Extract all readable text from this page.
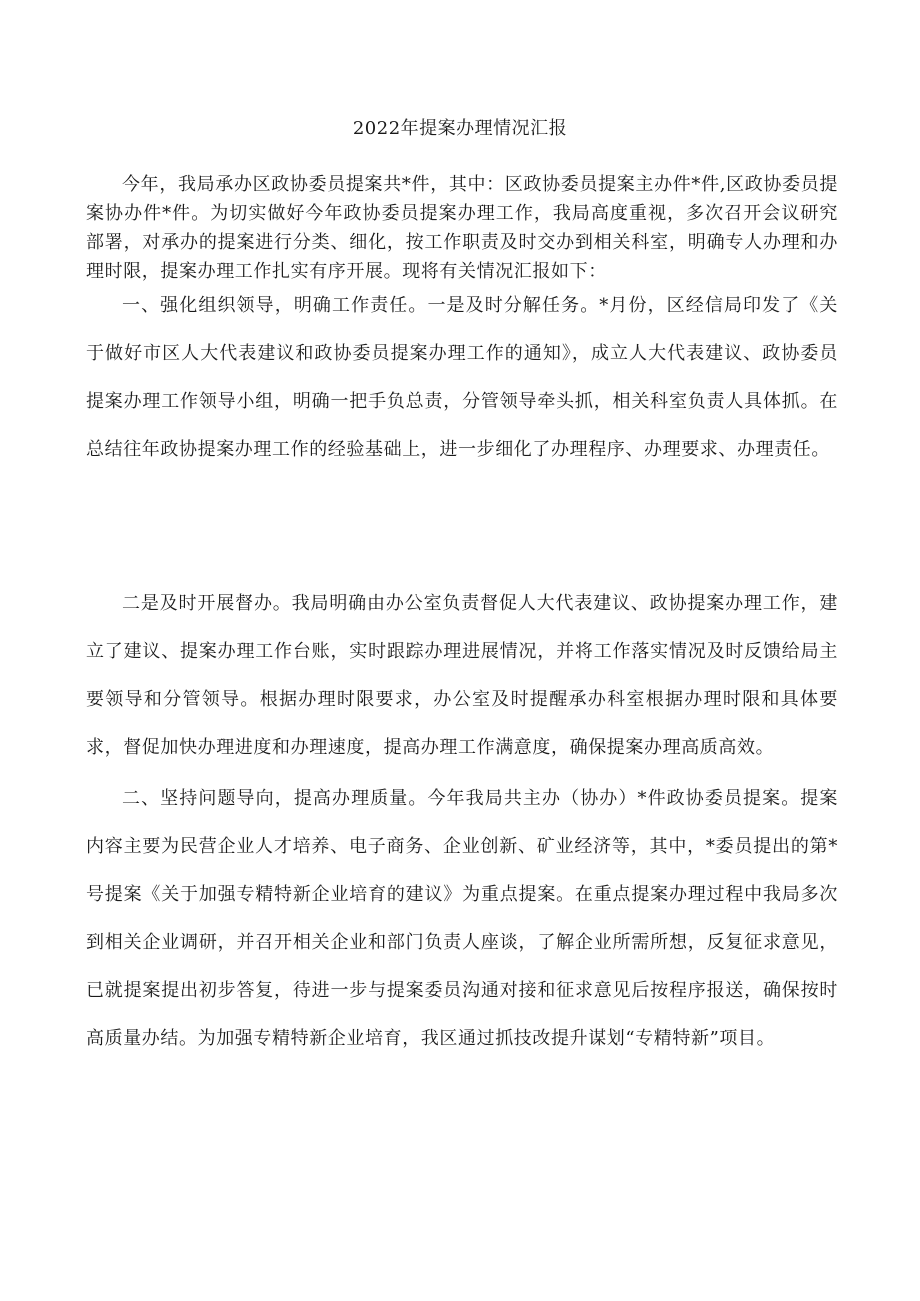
2022年提案办理情况汇报

今年，我局承办区政协委员提案共*件，其中：区政协委员提案主办件*件,区政协委员提案协办件*件。为切实做好今年政协委员提案办理工作，我局高度重视，多次召开会议研究部署，对承办的提案进行分类、细化，按工作职责及时交办到相关科室，明确专人办理和办理时限，提案办理工作扎实有序开展。现将有关情况汇报如下：

一、强化组织领导，明确工作责任。一是及时分解任务。*月份，区经信局印发了《关于做好市区人大代表建议和政协委员提案办理工作的通知》，成立人大代表建议、政协委员提案办理工作领导小组，明确一把手负总责，分管领导牵头抓，相关科室负责人具体抓。在总结往年政协提案办理工作的经验基础上，进一步细化了办理程序、办理要求、办理责任。

二是及时开展督办。我局明确由办公室负责督促人大代表建议、政协提案办理工作，建立了建议、提案办理工作台账，实时跟踪办理进展情况，并将工作落实情况及时反馈给局主要领导和分管领导。根据办理时限要求，办公室及时提醒承办科室根据办理时限和具体要求，督促加快办理进度和办理速度，提高办理工作满意度，确保提案办理高质高效。

二、坚持问题导向，提高办理质量。今年我局共主办（协办）*件政协委员提案。提案内容主要为民营企业人才培养、电子商务、企业创新、矿业经济等，其中，*委员提出的第*号提案《关于加强专精特新企业培育的建议》为重点提案。在重点提案办理过程中我局多次到相关企业调研，并召开相关企业和部门负责人座谈，了解企业所需所想，反复征求意见，已就提案提出初步答复，待进一步与提案委员沟通对接和征求意见后按程序报送，确保按时高质量办结。为加强专精特新企业培育，我区通过抓技改提升谋划“专精特新”项目。
